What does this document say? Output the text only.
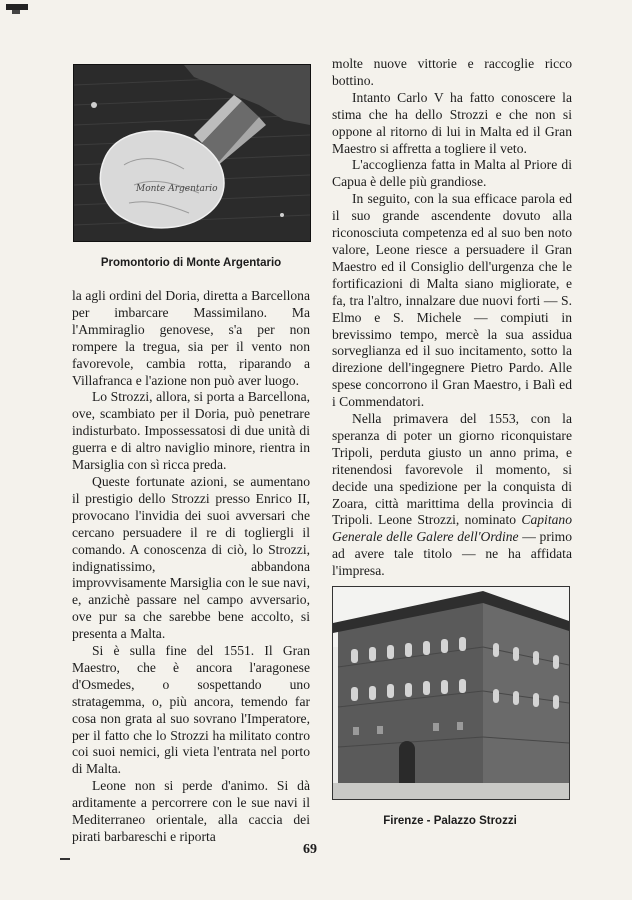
Monte Argentario
Promontorio di Monte Argentario

la agli ordini del Doria, diretta a Barcellona per imbarcare Massimilano. Ma l'Ammiraglio genovese, s'a per non rompere la tregua, sia per il vento non favorevole, cambia rotta, riparando a Villafranca e l'azione non può aver luogo.

Lo Strozzi, allora, si porta a Barcellona, ove, scambiato per il Doria, può penetrare indisturbato. Impossessatosi di due unità di guerra e di altro naviglio minore, rientra in Marsiglia con sì ricca preda.

Queste fortunate azioni, se aumentano il prestigio dello Strozzi presso Enrico II, provocano l'invidia dei suoi avversari che cercano persuadere il re di togliergli il comando. A conoscenza di ciò, lo Strozzi, indignatissimo, abbandona improvvisamente Marsiglia con le sue navi, e, anzichè passare nel campo avversario, ove pur sa che sarebbe bene accolto, si presenta a Malta.

Si è sulla fine del 1551. Il Gran Maestro, che è ancora l'aragonese d'Osmedes, o sospettando uno stratagemma, o, più ancora, temendo far cosa non grata al suo sovrano l'Imperatore, per il fatto che lo Strozzi ha militato contro coi suoi nemici, gli vieta l'entrata nel porto di Malta.

Leone non si perde d'animo. Si dà arditamente a percorrere con le sue navi il Mediterraneo orientale, alla caccia dei pirati barbareschi e riporta

molte nuove vittorie e raccoglie ricco bottino.

Intanto Carlo V ha fatto conoscere la stima che ha dello Strozzi e che non si oppone al ritorno di lui in Malta ed il Gran Maestro si affretta a togliere il veto.

L'accoglienza fatta in Malta al Priore di Capua è delle più grandiose.

In seguito, con la sua efficace parola ed il suo grande ascendente dovuto alla riconosciuta competenza ed al suo ben noto valore, Leone riesce a persuadere il Gran Maestro ed il Consiglio dell'urgenza che le fortificazioni di Malta siano migliorate, e fa, tra l'altro, innalzare due nuovi forti — S. Elmo e S. Michele — compiuti in brevissimo tempo, mercè la sua assidua sorveglianza ed il suo incitamento, sotto la direzione dell'ingegnere Pietro Pardo. Alle spese concorrono il Gran Maestro, i Balì ed i Commendatori.

Nella primavera del 1553, con la speranza di poter un giorno riconquistare Tripoli, perduta giusto un anno prima, e ritenendosi favorevole il momento, si decide una spedizione per la conquista di Zoara, città marittima della provincia di Tripoli. Leone Strozzi, nominato Capitano Generale delle Galere dell'Ordine — primo ad avere tale titolo — ne ha affidata l'impresa.

Firenze - Palazzo Strozzi
69
